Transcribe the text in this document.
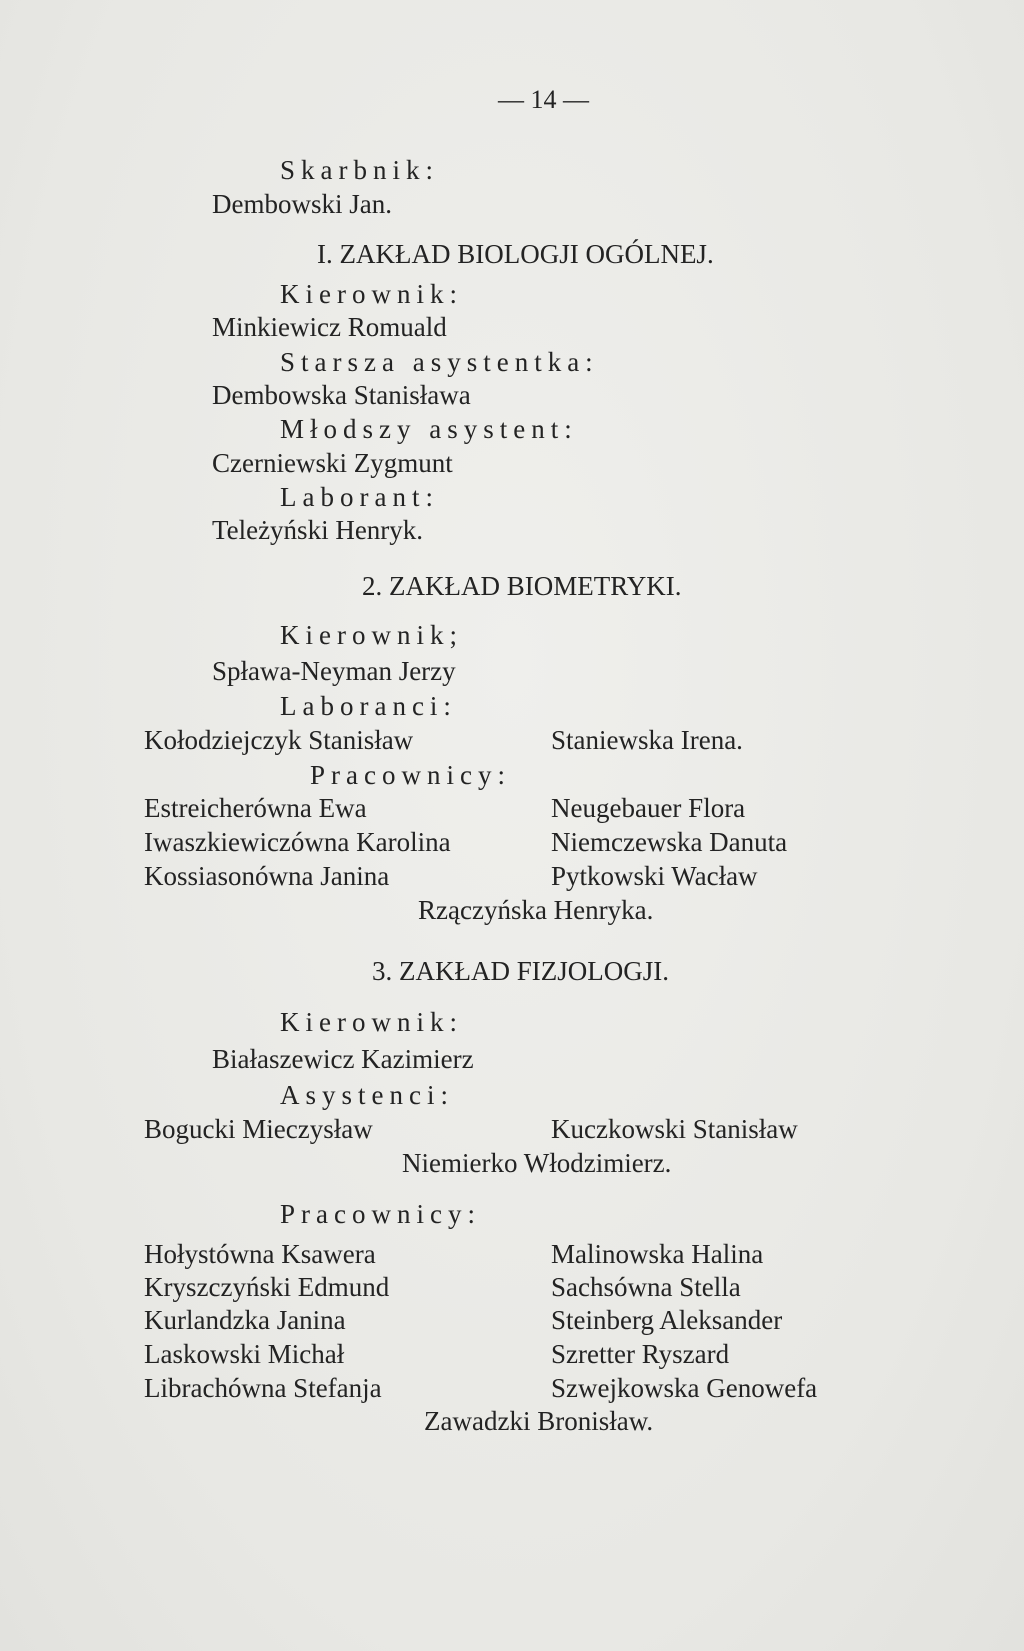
— 14 —
Skarbnik:
Dembowski Jan.
I. ZAKŁAD BIOLOGJI OGÓLNEJ.
Kierownik:
Minkiewicz Romuald
Starsza asystentka:
Dembowska Stanisława
Młodszy asystent:
Czerniewski Zygmunt
Laborant:
Teleżyński Henryk.
2. ZAKŁAD BIOMETRYKI.
Kierownik;
Spława-Neyman Jerzy
Laboranci:
Kołodziejczyk Stanisław	Staniewska Irena.
Pracownicy:
Estreicherówna Ewa	Neugebauer Flora
Iwaszkiewiczówna Karolina	Niemczewska Danuta
Kossiasonówna Janina	Pytkowski Wacław
Rzączyńska Henryka.
3. ZAKŁAD FIZJOLOGJI.
Kierownik:
Białaszewicz Kazimierz
Asystenci:
Bogucki Mieczysław	Kuczkowski Stanisław
Niemierko Włodzimierz.
Pracownicy:
Hołystówna Ksawera	Malinowska Halina
Kryszczyński Edmund	Sachsówna Stella
Kurlandzka Janina	Steinberg Aleksander
Laskowski Michał	Szretter Ryszard
Librachówna Stefanja	Szwejkowska Genowefa
Zawadzki Bronisław.
